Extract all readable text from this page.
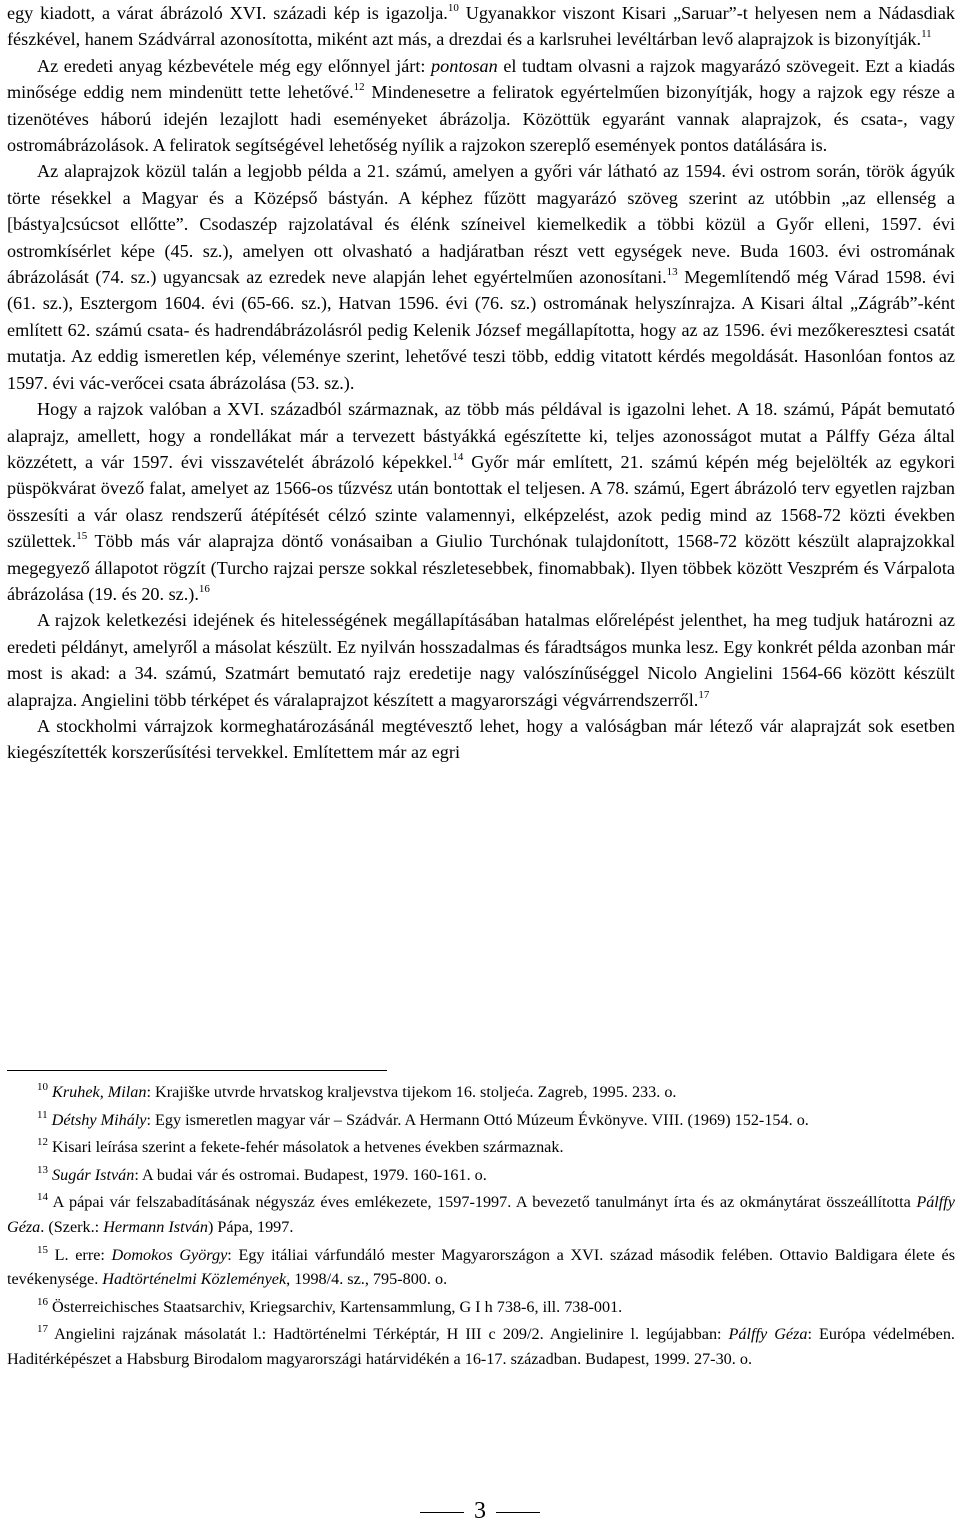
egy kiadott, a várat ábrázoló XVI. századi kép is igazolja.$^{10}$ Ugyanakkor viszont Kisari „Saruar”-t helyesen nem a Nádasdiak fészkével, hanem Szádvárral azonosította, miként azt más, a drezdai és a karlsruhei levéltárban levő alaprajzok is bizonyítják.$^{11}$

Az eredeti anyag kézbevétele még egy előnnyel járt: pontosan el tudtam olvasni a rajzok magyarázó szövegeit. Ezt a kiadás minősége eddig nem mindenütt tette lehetővé.$^{12}$ Mindenesetre a feliratok egyértelműen bizonyítják, hogy a rajzok egy része a tizenötéves háború idején lezajlott hadi eseményeket ábrázolja. Közöttük egyaránt vannak alaprajzok, és csata-, vagy ostromábrázolások. A feliratok segítségével lehetőség nyílik a rajzokon szereplő események pontos datálására is.

Az alaprajzok közül talán a legjobb példa a 21. számú, amelyen a győri vár látható az 1594. évi ostrom során, török ágyúk törte résekkel a Magyar és a Középső bástyán. A képhez fűzött magyarázó szöveg szerint az utóbbin „az ellenség a [bástya]csúcsot ellőtte”. Csodaszép rajzolatával és élénk színeivel kiemelkedik a többi közül a Győr elleni, 1597. évi ostromkísérlet képe (45. sz.), amelyen ott olvasható a hadjáratban részt vett egységek neve. Buda 1603. évi ostromának ábrázolását (74. sz.) ugyancsak az ezredek neve alapján lehet egyértelműen azonosítani.$^{13}$ Megemlítendő még Várad 1598. évi (61. sz.), Esztergom 1604. évi (65-66. sz.), Hatvan 1596. évi (76. sz.) ostromának helyszínrajza. A Kisari által „Zágráb”-ként említett 62. számú csata- és hadrendábrázolásról pedig Kelenik József megállapította, hogy az az 1596. évi mezőkeresztesi csatát mutatja. Az eddig ismeretlen kép, véleménye szerint, lehetővé teszi több, eddig vitatott kérdés megoldását. Hasonlóan fontos az 1597. évi vác-verőcei csata ábrázolása (53. sz.).

Hogy a rajzok valóban a XVI. századból származnak, az több más példával is igazolni lehet. A 18. számú, Pápát bemutató alaprajz, amellett, hogy a rondellákat már a tervezett bástyákká egészítette ki, teljes azonosságot mutat a Pálffy Géza által közzétett, a vár 1597. évi visszavételét ábrázoló képekkel.$^{14}$ Győr már említett, 21. számú képén még bejelölték az egykori püspökvárat övező falat, amelyet az 1566-os tűzvész után bontottak el teljesen. A 78. számú, Egert ábrázoló terv egyetlen rajzban összesíti a vár olasz rendszerű átépítését célzó szinte valamennyi, elképzelést, azok pedig mind az 1568-72 közti években születtek.$^{15}$ Több más vár alaprajza döntő vonásaiban a Giulio Turchónak tulajdonított, 1568-72 között készült alaprajzokkal megegyező állapotot rögzít (Turcho rajzai persze sokkal részletesebbek, finomabbak). Ilyen többek között Veszprém és Várpalota ábrázolása (19. és 20. sz.).$^{16}$

A rajzok keletkezési idejének és hitelességének megállapításában hatalmas előrelépést jelenthet, ha meg tudjuk határozni az eredeti példányt, amelyről a másolat készült. Ez nyilván hosszadalmas és fáradtságos munka lesz. Egy konkrét példa azonban már most is akad: a 34. számú, Szatmárt bemutató rajz eredetije nagy valószínűséggel Nicolo Angielini 1564-66 között készült alaprajza. Angielini több térképet és váralaprajzot készített a magyarországi végvárrendszerről.$^{17}$

A stockholmi várrajzok kormeghatározásánál megtévesztő lehet, hogy a valóságban már létező vár alaprajzát sok esetben kiegészítették korszerűsítési tervekkel. Említettem már az egri

$^{10}$ Kruhek, Milan: Krajiške utvrde hrvatskog kraljevstva tijekom 16. stoljeća. Zagreb, 1995. 233. o.

$^{11}$ Détshy Mihály: Egy ismeretlen magyar vár – Szádvár. A Hermann Ottó Múzeum Évkönyve. VIII. (1969) 152-154. o.

$^{12}$ Kisari leírása szerint a fekete-fehér másolatok a hetvenes években származnak.

$^{13}$ Sugár István: A budai vár és ostromai. Budapest, 1979. 160-161. o.

$^{14}$ A pápai vár felszabadításának négyszáz éves emlékezete, 1597-1997. A bevezető tanulmányt írta és az okmánytárat összeállította Pálffy Géza. (Szerk.: Hermann István) Pápa, 1997.

$^{15}$ L. erre: Domokos György: Egy itáliai várfundáló mester Magyarországon a XVI. század második felében. Ottavio Baldigara élete és tevékenysége. Hadtörténelmi Közlemények, 1998/4. sz., 795-800. o.

$^{16}$ Österreichisches Staatsarchiv, Kriegsarchiv, Kartensammlung, G I h 738-6, ill. 738-001.

$^{17}$ Angielini rajzának másolatát l.: Hadtörténelmi Térképtár, H III c 209/2. Angielinire l. legújabban: Pálffy Géza: Európa védelmében. Haditérképészet a Habsburg Birodalom magyarországi határvidékén a 16-17. században. Budapest, 1999. 27-30. o.

3
